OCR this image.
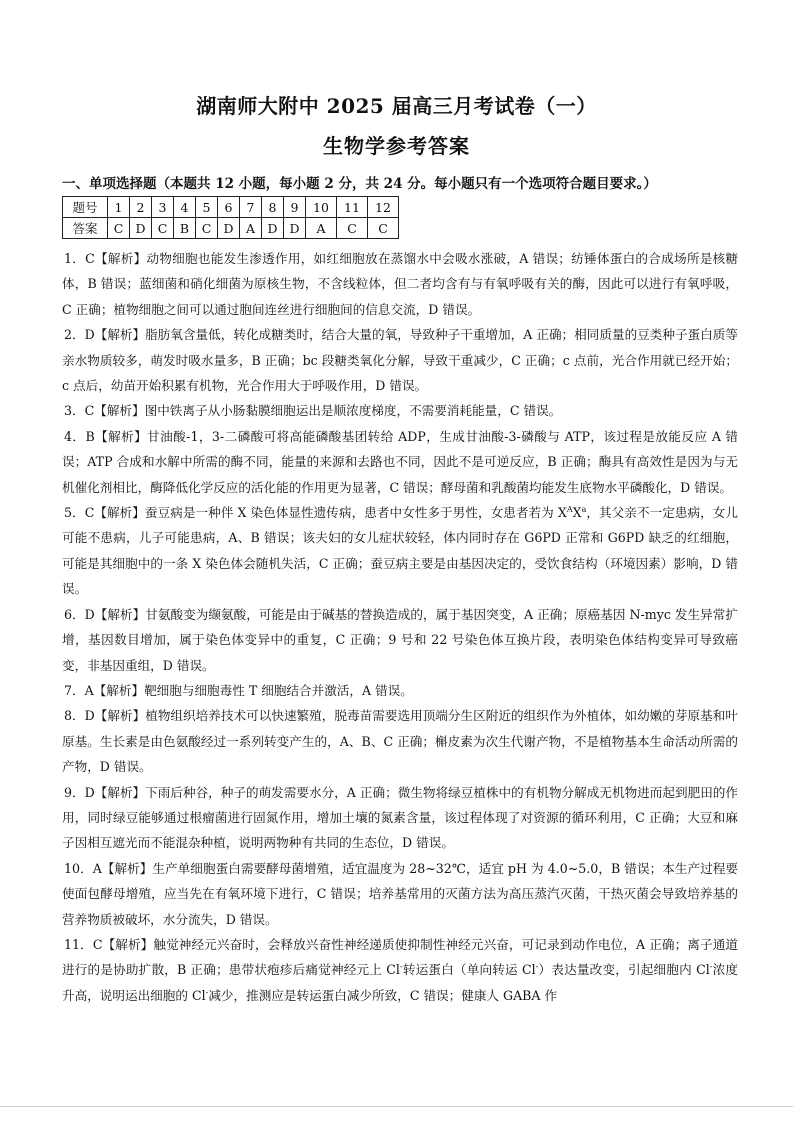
湖南师大附中 2025 届高三月考试卷（一）
生物学参考答案
一、单项选择题（本题共 12 小题，每小题 2 分，共 24 分。每小题只有一个选项符合题目要求。）
题号	1	2	3	4	5	6	7	8	9	10	11	12
答案	C	D	C	B	C	D	A	D	D	A	C	C
1．C【解析】动物细胞也能发生渗透作用，如红细胞放在蒸馏水中会吸水涨破，A 错误；纺锤体蛋白的合成场所是核糖体，B 错误；蓝细菌和硝化细菌为原核生物，不含线粒体，但二者均含有与有氧呼吸有关的酶，因此可以进行有氧呼吸，C 正确；植物细胞之间可以通过胞间连丝进行细胞间的信息交流，D 错误。
2．D【解析】脂肪氧含量低，转化成糖类时，结合大量的氧，导致种子干重增加，A 正确；相同质量的豆类种子蛋白质等亲水物质较多，萌发时吸水量多，B 正确；bc 段糖类氧化分解，导致干重减少，C 正确；c 点前，光合作用就已经开始；c 点后，幼苗开始积累有机物，光合作用大于呼吸作用，D 错误。
3．C【解析】图中铁离子从小肠黏膜细胞运出是顺浓度梯度，不需要消耗能量，C 错误。
4．B【解析】甘油酸-1，3-二磷酸可将高能磷酸基团转给 ADP，生成甘油酸-3-磷酸与 ATP，该过程是放能反应 A 错误；ATP 合成和水解中所需的酶不同，能量的来源和去路也不同，因此不是可逆反应，B 正确；酶具有高效性是因为与无机催化剂相比，酶降低化学反应的活化能的作用更为显著，C 错误；酵母菌和乳酸菌均能发生底物水平磷酸化，D 错误。
5．C【解析】蚕豆病是一种伴 X 染色体显性遗传病，患者中女性多于男性，女患者若为 $X^AX^a$，其父亲不一定患病，女儿可能不患病，儿子可能患病，A、B 错误；该夫妇的女儿症状较轻，体内同时存在 G6PD 正常和 G6PD 缺乏的红细胞，可能是其细胞中的一条 X 染色体会随机失活，C 正确；蚕豆病主要是由基因决定的，受饮食结构（环境因素）影响，D 错误。
6．D【解析】甘氨酸变为缬氨酸，可能是由于碱基的替换造成的，属于基因突变，A 正确；原癌基因 N-myc 发生异常扩增，基因数目增加，属于染色体变异中的重复，C 正确；9 号和 22 号染色体互换片段，表明染色体结构变异可导致癌变，非基因重组，D 错误。
7．A【解析】靶细胞与细胞毒性 T 细胞结合并激活，A 错误。
8．D【解析】植物组织培养技术可以快速繁殖，脱毒苗需要选用顶端分生区附近的组织作为外植体，如幼嫩的芽原基和叶原基。生长素是由色氨酸经过一系列转变产生的，A、B、C 正确；槲皮素为次生代谢产物，不是植物基本生命活动所需的产物，D 错误。
9．D【解析】下雨后种谷，种子的萌发需要水分，A 正确；微生物将绿豆植株中的有机物分解成无机物进而起到肥田的作用，同时绿豆能够通过根瘤菌进行固氮作用，增加土壤的氮素含量，该过程体现了对资源的循环利用，C 正确；大豆和麻子因相互遮光而不能混杂种植，说明两物种有共同的生态位，D 错误。
10．A【解析】生产单细胞蛋白需要酵母菌增殖，适宜温度为 28~32℃，适宜 pH 为 4.0~5.0，B 错误；本生产过程要使面包酵母增殖，应当先在有氧环境下进行，C 错误；培养基常用的灭菌方法为高压蒸汽灭菌，干热灭菌会导致培养基的营养物质被破坏，水分流失，D 错误。
11．C【解析】触觉神经元兴奋时，会释放兴奋性神经递质使抑制性神经元兴奋，可记录到动作电位，A 正确；离子通道进行的是协助扩散，B 正确；患带状疱疹后痛觉神经元上 Cl-转运蛋白（单向转运 Cl-）表达量改变，引起细胞内 Cl-浓度升高，说明运出细胞的 Cl-减少，推测应是转运蛋白减少所致，C 错误；健康人 GABA 作
